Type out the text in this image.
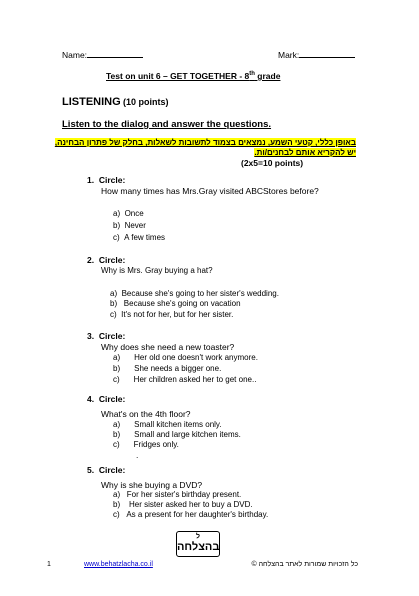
Name:	Mark:
Test on unit 6 – GET TOGETHER - 8th grade
LISTENING (10 points)
Listen to the dialog and answer the questions.
באופן כללי, קטעי השמע, נמצאים בצמוד לתשובות לשאלות, בחלק של פתרון הבחינה,
יש להקריא אותם לבחנים/ות.
(2x5=10 points)
1. Circle:
How many times has Mrs.Gray visited ABCStores before?
a) Once
b) Never
c) A few times
2. Circle:
Why is Mrs. Gray buying a hat?
a) Because she's going to her sister's wedding.
b) Because she's going on vacation
c) It's not for her, but for her sister.
3. Circle:
Why does she need a new toaster?
a) Her old one doesn't work anymore.
b) She needs a bigger one.
c) Her children asked her to get one..
4. Circle:
What's on the 4th floor?
a) Small kitchen items only.
b) Small and large kitchen items.
c) Fridges only.
.
5. Circle:
Why is she buying a DVD?
a) For her sister's birthday present.
b) Her sister asked her to buy a DVD.
c) As a present for her daughter's birthday.
ל
בהצלחה
1	www.behatzlacha.co.il	כל הזכויות שמורות לאתר בהצלחה ©
